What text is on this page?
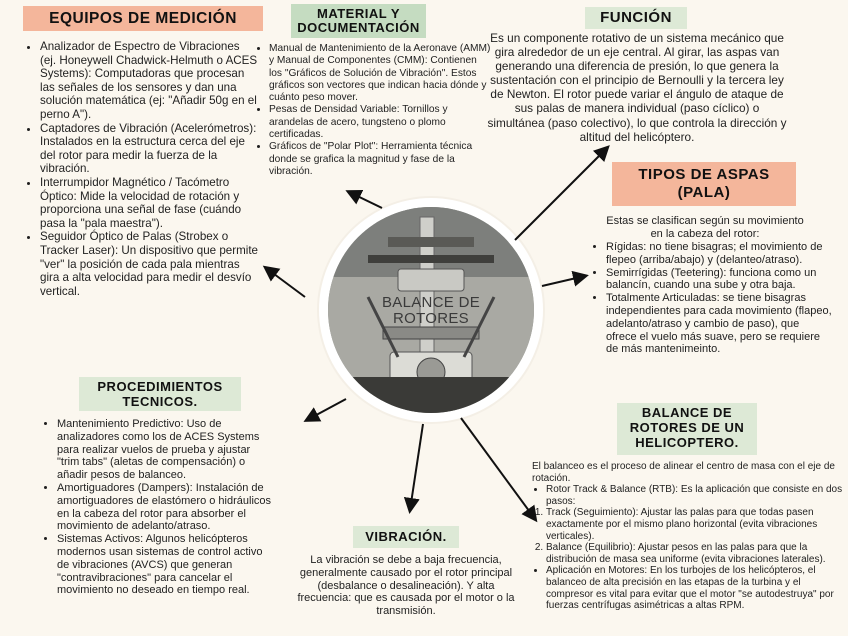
EQUIPOS DE MEDICIÓN
• Analizador de Espectro de Vibraciones (ej. Honeywell Chadwick-Helmuth o ACES Systems): Computadoras que procesan las señales de los sensores y dan una solución matemática (ej: "Añadir 50g en el perno A").
• Captadores de Vibración (Acelerómetros): Instalados en la estructura cerca del eje del rotor para medir la fuerza de la vibración.
• Interrumpidor Magnético / Tacómetro Óptico: Mide la velocidad de rotación y proporciona una señal de fase (cuándo pasa la "pala maestra").
• Seguidor Óptico de Palas (Strobex o Tracker Laser): Un dispositivo que permite "ver" la posición de cada pala mientras gira a alta velocidad para medir el desvío vertical.
MATERIAL Y
DOCUMENTACIÓN
• Manual de Mantenimiento de la Aeronave (AMM) y Manual de Componentes (CMM): Contienen los "Gráficos de Solución de Vibración". Estos gráficos son vectores que indican hacia dónde y cuánto peso mover.
• Pesas de Densidad Variable: Tornillos y arandelas de acero, tungsteno o plomo certificadas.
• Gráficos de "Polar Plot": Herramienta técnica donde se grafica la magnitud y fase de la vibración.
FUNCIÓN
Es un componente rotativo de un sistema mecánico que gira alrededor de un eje central. Al girar, las aspas van generando una diferencia de presión, lo que genera la sustentación con el principio de Bernoulli y la tercera ley de Newton. El rotor puede variar el ángulo de ataque de sus palas de manera individual (paso cíclico) o simultánea (paso colectivo), lo que controla la dirección y altitud del helicóptero.
TIPOS DE ASPAS
(PALA)
Estas se clasifican según su movimiento en la cabeza del rotor:
• Rígidas: no tiene bisagras; el movimiento de flepeo (arriba/abajo) y (delanteo/atraso).
• Semirrígidas (Teetering): funciona como un balancín, cuando una sube y otra baja.
• Totalmente Articuladas: se tiene bisagras independientes para cada movimiento (flapeo, adelanto/atraso y cambio de paso), que ofrece el vuelo más suave, pero se requiere de más mantenimeinto.
BALANCE DE
ROTORES
PROCEDIMIENTOS
TECNICOS.
• Mantenimiento Predictivo: Uso de analizadores como los de ACES Systems para realizar vuelos de prueba y ajustar "trim tabs" (aletas de compensación) o añadir pesos de balanceo.
• Amortiguadores (Dampers): Instalación de amortiguadores de elastómero o hidráulicos en la cabeza del rotor para absorber el movimiento de adelanto/atraso.
• Sistemas Activos: Algunos helicópteros modernos usan sistemas de control activo de vibraciones (AVCS) que generan "contravibraciones" para cancelar el movimiento no deseado en tiempo real.
VIBRACIÓN.
La vibración se debe a baja frecuencia, generalmente causado por el rotor principal (desbalance o desalineación). Y alta frecuencia: que es causada por el motor o la transmisión.
BALANCE DE
ROTORES DE UN
HELICOPTERO.
El balanceo es el proceso de alinear el centro de masa con el eje de rotación.
• Rotor Track & Balance (RTB): Es la aplicación que consiste en dos pasos:
1. Track (Seguimiento): Ajustar las palas para que todas pasen exactamente por el mismo plano horizontal (evita vibraciones verticales).
2. Balance (Equilibrio): Ajustar pesos en las palas para que la distribución de masa sea uniforme (evita vibraciones laterales).
• Aplicación en Motores: En los turbojes de los helicópteros, el balanceo de alta precisión en las etapas de la turbina y el compresor es vital para evitar que el motor "se autodestruya" por fuerzas centrífugas asimétricas a altas RPM.
